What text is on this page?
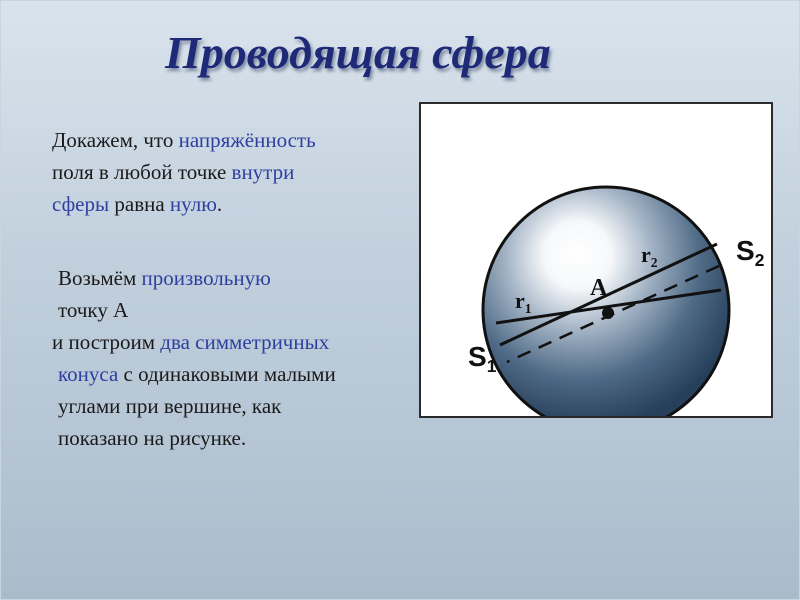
Проводящая сфера
Докажем, что напряжённость
поля в любой точке внутри
сферы равна нулю.
Возьмём произвольную
точку А
и построим два симметричных
конуса с одинаковыми малыми
углами при вершине, как
показано на рисунке.
А
$r_1$
$r_2$
$S_1$
$S_2$
